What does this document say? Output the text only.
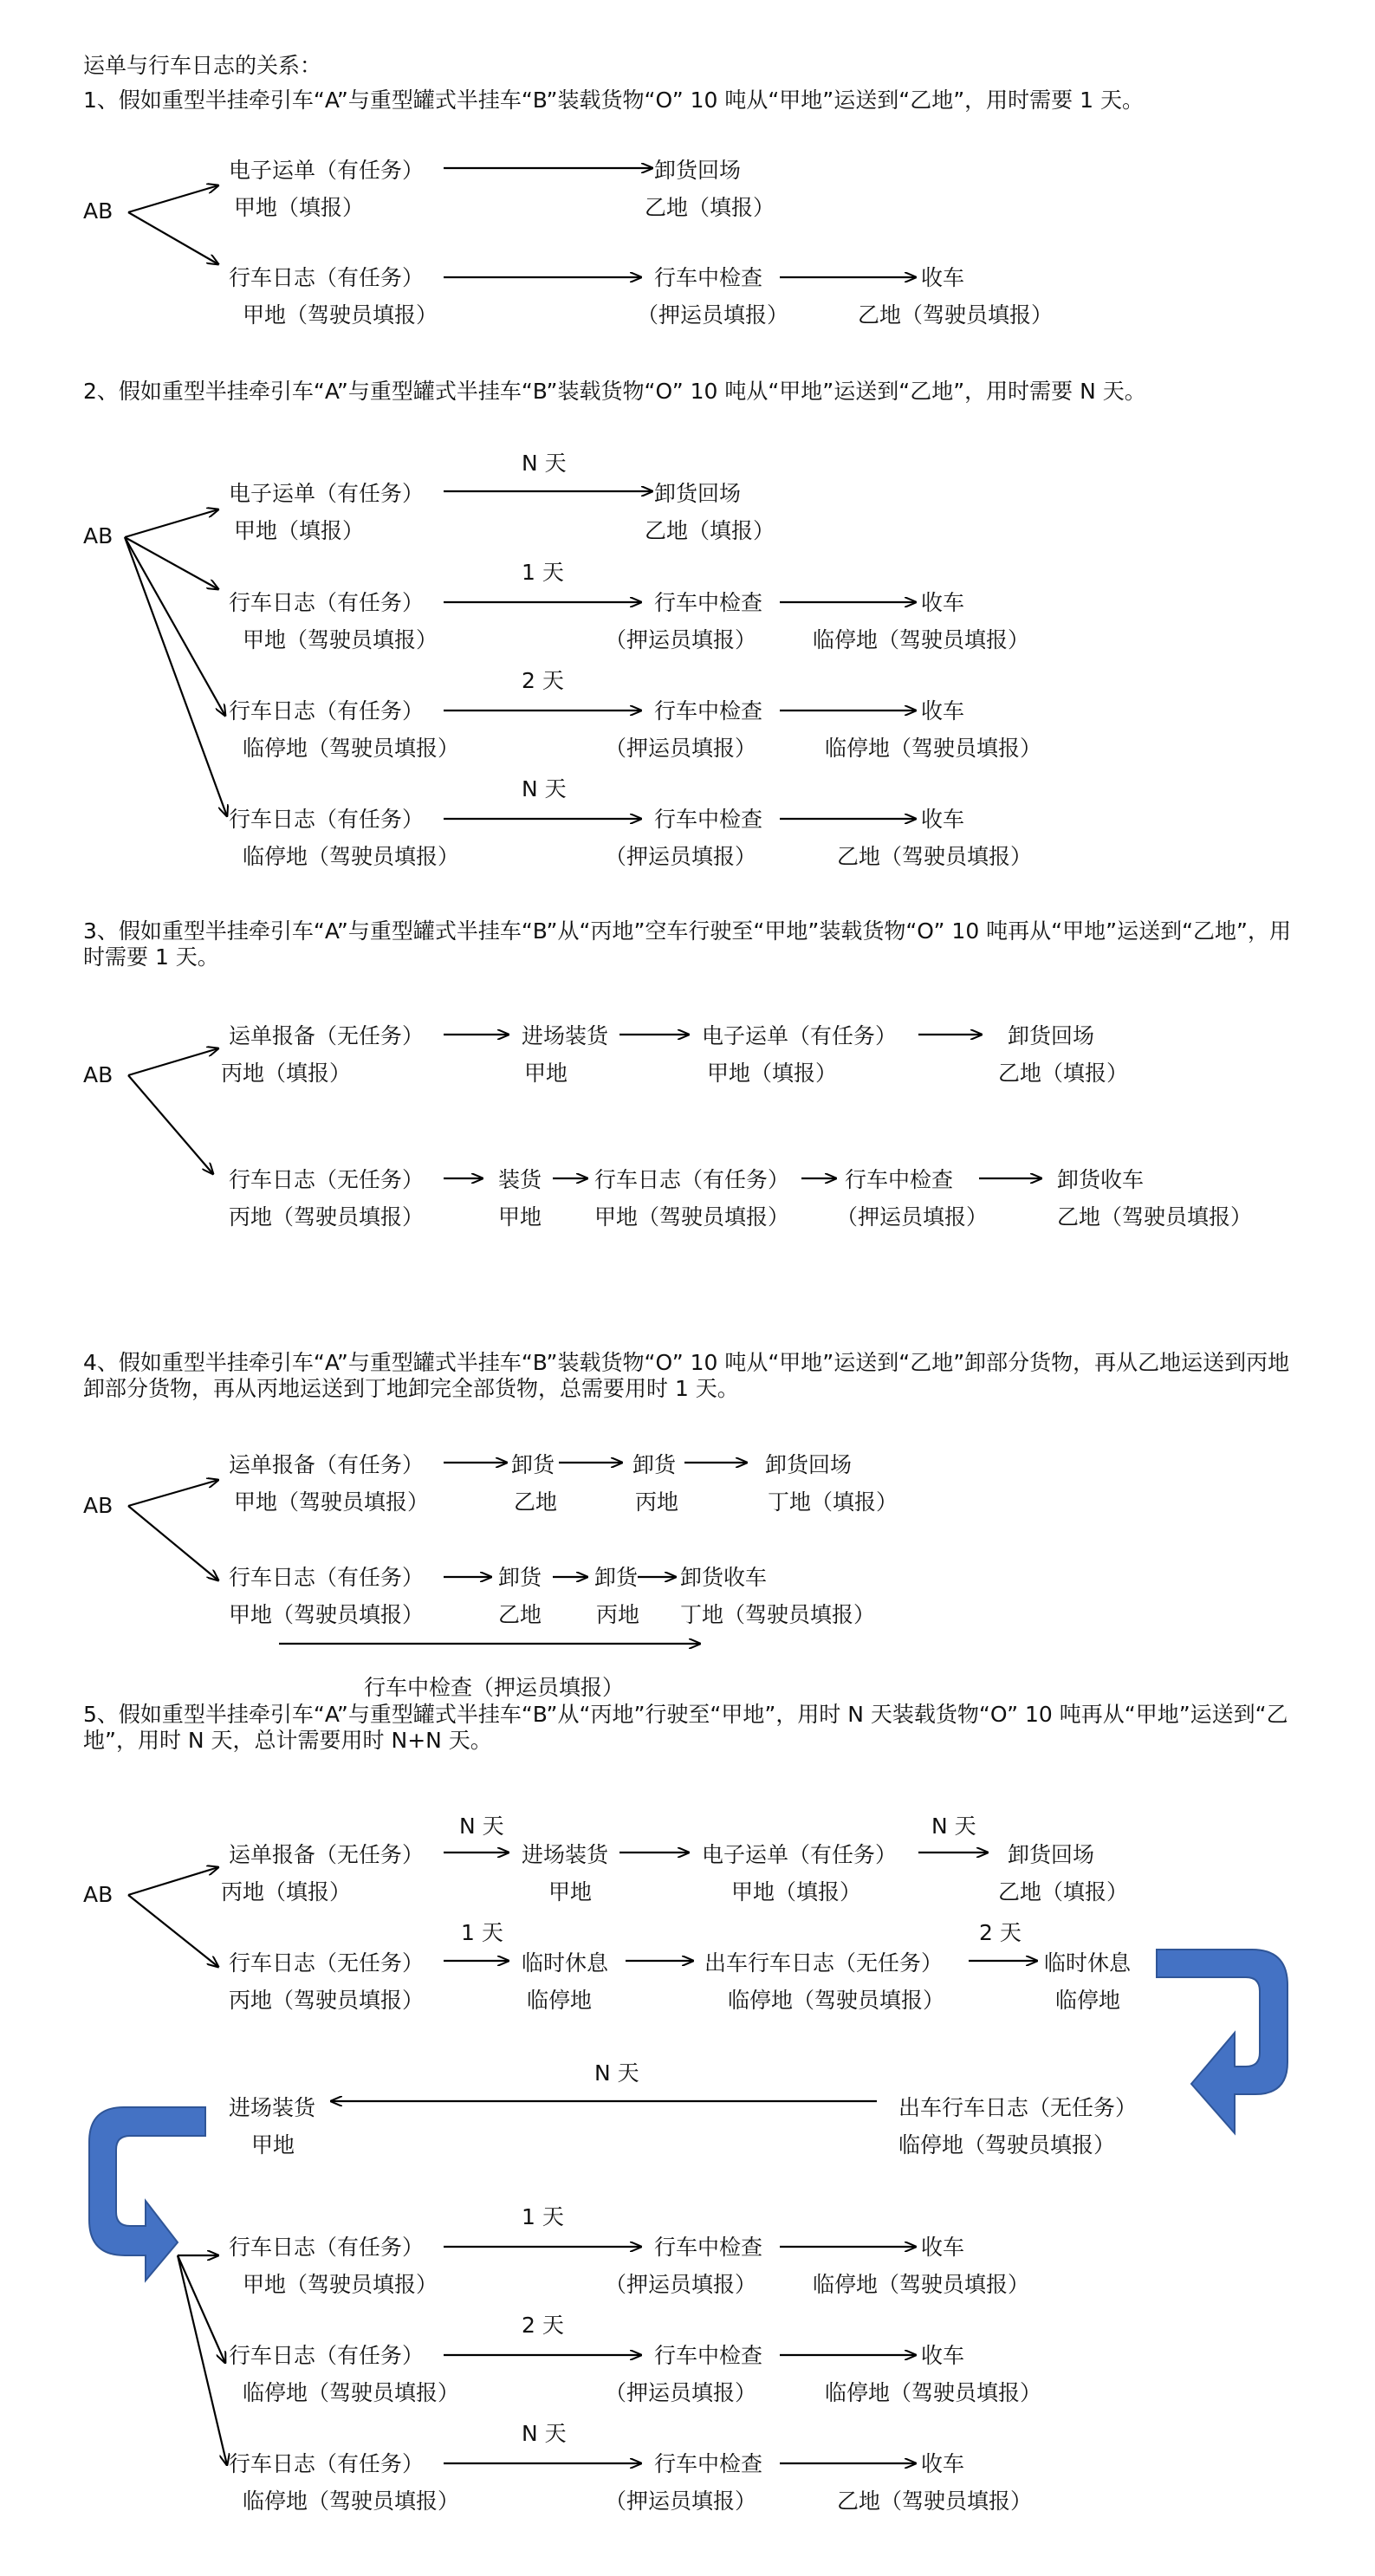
运单与行车日志的关系：
1、假如重型半挂牵引车“A”与重型罐式半挂车“B”装载货物“O” 10 吨从“甲地”运送到“乙地”，用时需要 1 天。
AB
电子运单（有任务）
甲地（填报）
卸货回场
乙地（填报）
行车日志（有任务）
甲地（驾驶员填报）
行车中检查
（押运员填报）
收车
乙地（驾驶员填报）
2、假如重型半挂牵引车“A”与重型罐式半挂车“B”装载货物“O” 10 吨从“甲地”运送到“乙地”，用时需要 N 天。
AB
N 天
电子运单（有任务）
甲地（填报）
卸货回场
乙地（填报）
1 天
行车日志（有任务）
甲地（驾驶员填报）
行车中检查
（押运员填报）
收车
临停地（驾驶员填报）
2 天
行车日志（有任务）
临停地（驾驶员填报）
行车中检查
（押运员填报）
收车
临停地（驾驶员填报）
N 天
行车日志（有任务）
临停地（驾驶员填报）
行车中检查
（押运员填报）
收车
乙地（驾驶员填报）
3、假如重型半挂牵引车“A”与重型罐式半挂车“B”从“丙地”空车行驶至“甲地”装载货物“O” 10 吨再从“甲地”运送到“乙地”，用时需要 1 天。
AB
运单报备（无任务）
丙地（填报）
进场装货
甲地
电子运单（有任务）
甲地（填报）
卸货回场
乙地（填报）
行车日志（无任务）
丙地（驾驶员填报）
装货
甲地
行车日志（有任务）
甲地（驾驶员填报）
行车中检查
（押运员填报）
卸货收车
乙地（驾驶员填报）
4、假如重型半挂牵引车“A”与重型罐式半挂车“B”装载货物“O” 10 吨从“甲地”运送到“乙地”卸部分货物，再从乙地运送到丙地卸部分货物，再从丙地运送到丁地卸完全部货物，总需要用时 1 天。
AB
运单报备（有任务）
甲地（驾驶员填报）
卸货
乙地
卸货
丙地
卸货回场
丁地（填报）
行车日志（有任务）
甲地（驾驶员填报）
卸货
乙地
卸货
丙地
卸货收车
丁地（驾驶员填报）
行车中检查（押运员填报）
5、假如重型半挂牵引车“A”与重型罐式半挂车“B”从“丙地”行驶至“甲地”，用时 N 天装载货物“O” 10 吨再从“甲地”运送到“乙地”，用时 N 天，总计需要用时 N+N 天。
AB
N 天	N 天
运单报备（无任务）
丙地（填报）
进场装货
甲地
电子运单（有任务）
甲地（填报）
卸货回场
乙地（填报）
1 天	2 天
行车日志（无任务）
丙地（驾驶员填报）
临时休息
临停地
出车行车日志（无任务）
临停地（驾驶员填报）
临时休息
临停地
N 天
进场装货
甲地
出车行车日志（无任务）
临停地（驾驶员填报）
1 天
行车日志（有任务）
甲地（驾驶员填报）
行车中检查
（押运员填报）
收车
临停地（驾驶员填报）
2 天
行车日志（有任务）
临停地（驾驶员填报）
行车中检查
（押运员填报）
收车
临停地（驾驶员填报）
N 天
行车日志（有任务）
临停地（驾驶员填报）
行车中检查
（押运员填报）
收车
乙地（驾驶员填报）
